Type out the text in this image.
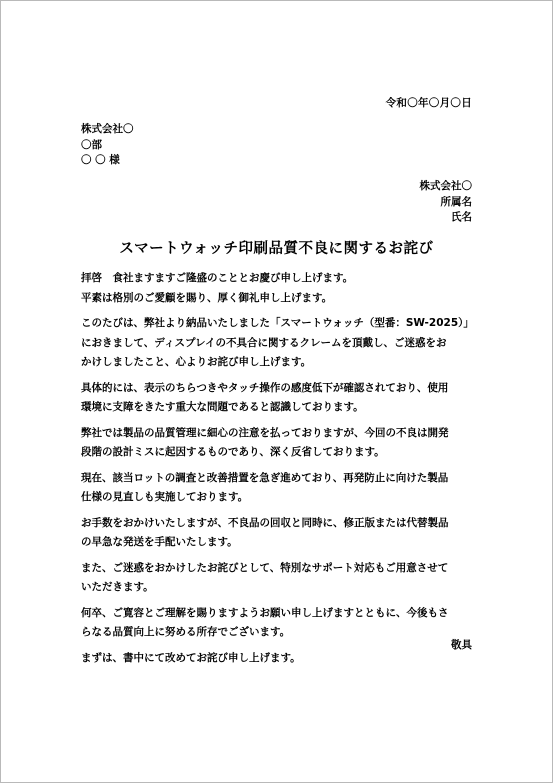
令和〇年〇月〇日
株式会社〇
〇部
〇 〇 様
株式会社〇
所属名
氏名
スマートウォッチ印刷品質不良に関するお詫び

拝啓　食社ますますご隆盛のこととお慶び申し上げます。
平素は格別のご愛顧を賜り、厚く御礼申し上げます。

このたびは、弊社より納品いたしました「スマートウォッチ（型番：SW-2025）」
におきまして、ディスプレイの不具合に関するクレームを頂戴し、ご迷惑をお
かけしましたこと、心よりお詫び申し上げます。

具体的には、表示のちらつきやタッチ操作の感度低下が確認されており、使用
環境に支障をきたす重大な問題であると認識しております。

弊社では製品の品質管理に細心の注意を払っておりますが、今回の不良は開発
段階の設計ミスに起因するものであり、深く反省しております。

現在、該当ロットの調査と改善措置を急ぎ進めており、再発防止に向けた製品
仕様の見直しも実施しております。

お手数をおかけいたしますが、不良品の回収と同時に、修正版または代替製品
の早急な発送を手配いたします。

また、ご迷惑をおかけしたお詫びとして、特別なサポート対応もご用意させて
いただきます。

何卒、ご寛容とご理解を賜りますようお願い申し上げますとともに、今後もさ
らなる品質向上に努める所存でございます。

まずは、書中にて改めてお詫び申し上げます。

敬具
